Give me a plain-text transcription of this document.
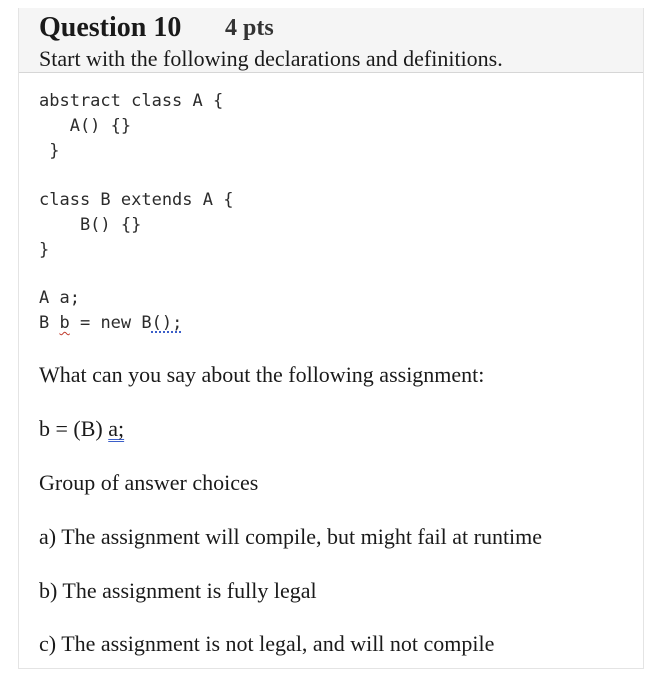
Question 10 4 pts
Start with the following declarations and definitions.
abstract class A {
A() {}
}
class B extends A {
B() {}
}
A a;
B b = new B();
What can you say about the following assignment:
b = (B) a;
Group of answer choices
a) The assignment will compile, but might fail at runtime
b) The assignment is fully legal
c) The assignment is not legal, and will not compile
